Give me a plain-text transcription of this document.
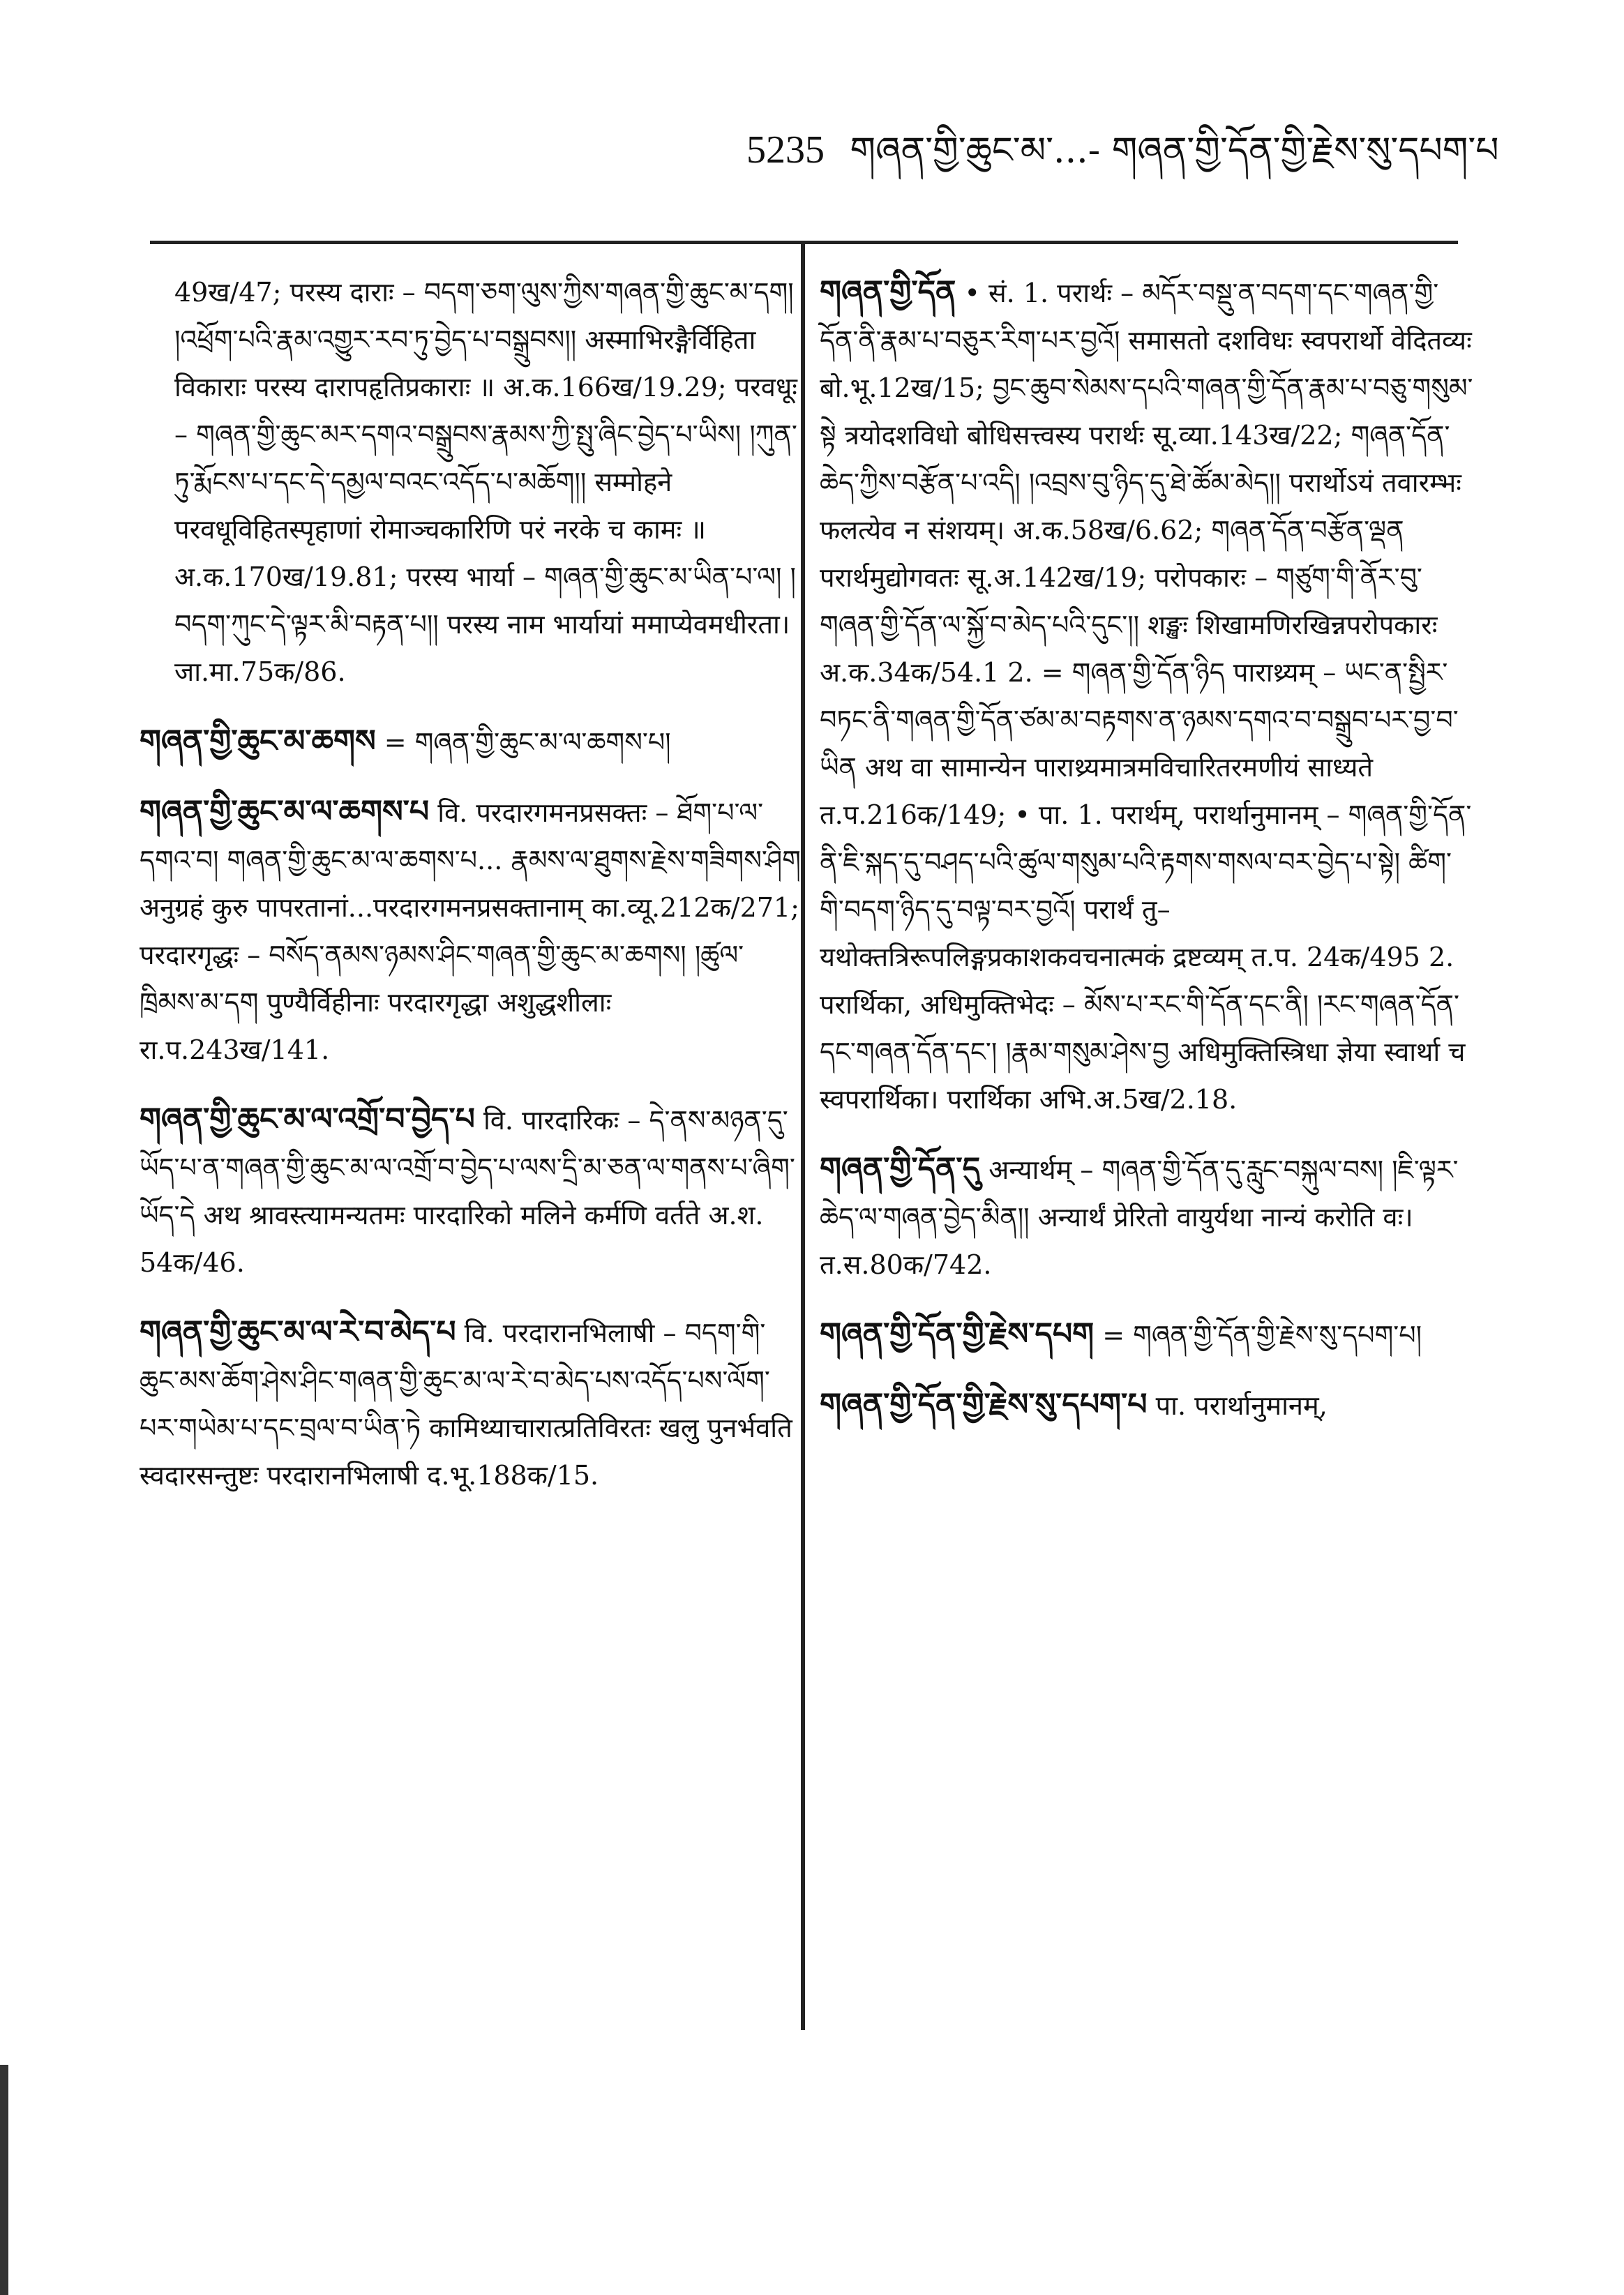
5235 གཞན་གྱི་ཆུང་མ་...- གཞན་གྱི་དོན་གྱི་རྗེས་སུ་དཔག་པ

49ख/47; परस्य दाराः – བདག་ཅག་ལུས་ཀྱིས་གཞན་གྱི་ཆུང་མ་དག། །འཕྲོག་པའི་རྣམ་འགྱུར་རབ་ཏུ་བྱེད་པ་བསྒྲུབས།། अस्माभिरङ्गैर्विहिता विकाराः परस्य दारापहृतिप्रकाराः ॥ अ.क.166ख/19.29; परवधूः – གཞན་གྱི་ཆུང་མར་དགའ་བསྒྲུབས་རྣམས་ཀྱི་སྤུ་ཞིང་བྱེད་པ་ཡིས། །ཀུན་ཏུ་རྨོངས་པ་དང་དེ་དམྱལ་བའང་འདོད་པ་མཆོག།། सम्मोहने परवधूविहितस्पृहाणां रोमाञ्चकारिणि परं नरके च कामः ॥ अ.क.170ख/19.81; परस्य भार्या – གཞན་གྱི་ཆུང་མ་ཡིན་པ་ལ། །བདག་ཀུང་དེ་ལྟར་མི་བརྟན་པ།། परस्य नाम भार्यायां ममाप्येवमधीरता। जा.मा.75क/86.

གཞན་གྱི་ཆུང་མ་ཆགས = གཞན་གྱི་ཆུང་མ་ལ་ཆགས་པ།

གཞན་གྱི་ཆུང་མ་ལ་ཆགས་པ वि. परदारगमनप्रसक्तः – ཐོག་པ་ལ་དགའ་བ། གཞན་གྱི་ཆུང་མ་ལ་ཆགས་པ... རྣམས་ལ་ཐུགས་རྗེས་གཟིགས་ཤིག अनुग्रहं कुरु पापरतानां...परदारगमनप्रसक्तानाम् का.व्यू.212क/271; परदारगृद्धः – བསོད་ནམས་ཉམས་ཤིང་གཞན་གྱི་ཆུང་མ་ཆགས། །ཚུལ་ཁྲིམས་མ་དག पुण्यैर्विहीनाः परदारगृद्धा अशुद्धशीलाः रा.प.243ख/141.

གཞན་གྱི་ཆུང་མ་ལ་འགྲོ་བ་བྱེད་པ वि. पारदारिकः – དེ་ནས་མཉན་དུ་ཡོད་པ་ན་གཞན་གྱི་ཆུང་མ་ལ་འགྲོ་བ་བྱེད་པ་ལས་དྲི་མ་ཅན་ལ་གནས་པ་ཞིག་ཡོད་དེ अथ श्रावस्त्यामन्यतमः पारदारिको मलिने कर्मणि वर्तते अ.श. 54क/46.

གཞན་གྱི་ཆུང་མ་ལ་རེ་བ་མེད་པ वि. परदारानभिलाषी – བདག་གི་ཆུང་མས་ཆོག་ཤེས་ཤིང་གཞན་གྱི་ཆུང་མ་ལ་རེ་བ་མེད་པས་འདོད་པས་ལོག་པར་གཡེམ་པ་དང་བྲལ་བ་ཡིན་ཏེ कामिथ्याचारात्प्रतिविरतः खलु पुनर्भवति स्वदारसन्तुष्टः परदारानभिलाषी द.भू.188क/15.

གཞན་གྱི་དོན • सं. 1. परार्थः – མདོར་བསྡུ་ན་བདག་དང་གཞན་གྱི་དོན་ནི་རྣམ་པ་བཅུར་རིག་པར་བྱའོ། समासतो दशविधः स्वपरार्थो वेदितव्यः बो.भू.12ख/15; བྱང་ཆུབ་སེམས་དཔའི་གཞན་གྱི་དོན་རྣམ་པ་བཅུ་གསུམ་སྟེ त्रयोदशविधो बोधिसत्त्वस्य परार्थः सू.व्या.143ख/22; གཞན་དོན་ཆེད་ཀྱིས་བརྩོན་པ་འདི། །འབྲས་བུ་ཉིད་དུ་ཐེ་ཚོམ་མེད།། परार्थोऽयं तवारम्भः फलत्येव न संशयम्। अ.क.58ख/6.62; གཞན་དོན་བརྩོན་ལྡན परार्थमुद्योगवतः सू.अ.142ख/19; परोपकारः – གཙུག་གི་ནོར་བུ་གཞན་གྱི་དོན་ལ་སྐྱོ་བ་མེད་པའི་དུང་།། शङ्खः शिखामणिरखिन्नपरोपकारः अ.क.34क/54.1 2. = གཞན་གྱི་དོན་ཉིད पाराथ्र्यम् – ཡང་ན་སྤྱིར་བཏང་ནི་གཞན་གྱི་དོན་ཙམ་མ་བརྟགས་ན་ཉམས་དགའ་བ་བསྒྲུབ་པར་བྱ་བ་ཡིན अथ वा सामान्येन पाराथ्र्यमात्रमविचारितरमणीयं साध्यते त.प.216क/149; • पा. 1. परार्थम्, परार्थानुमानम् – གཞན་གྱི་དོན་ནི་ཇི་སྐད་དུ་བཤད་པའི་ཚུལ་གསུམ་པའི་རྟགས་གསལ་བར་བྱེད་པ་སྟེ། ཚིག་གི་བདག་ཉིད་དུ་བལྟ་བར་བྱའོ། परार्थं तु–यथोक्तत्रिरूपलिङ्गप्रकाशकवचनात्मकं द्रष्टव्यम् त.प. 24क/495 2. परार्थिका, अधिमुक्तिभेदः – མོས་པ་རང་གི་དོན་དང་ནི། །རང་གཞན་དོན་དང་གཞན་དོན་དང་། །རྣམ་གསུམ་ཤེས་བྱ अधिमुक्तिस्त्रिधा ज्ञेया स्वार्था च स्वपरार्थिका। परार्थिका अभि.अ.5ख/2.18.

གཞན་གྱི་དོན་དུ अन्यार्थम् – གཞན་གྱི་དོན་དུ་རླུང་བསྐུལ་བས། །ཇི་ལྟར་ཆེད་ལ་གཞན་བྱེད་མིན།། अन्यार्थं प्रेरितो वायुर्यथा नान्यं करोति वः। त.स.80क/742.

གཞན་གྱི་དོན་གྱི་རྗེས་དཔག = གཞན་གྱི་དོན་གྱི་རྗེས་སུ་དཔག་པ།

གཞན་གྱི་དོན་གྱི་རྗེས་སུ་དཔག་པ पा. परार्थानुमानम्,
